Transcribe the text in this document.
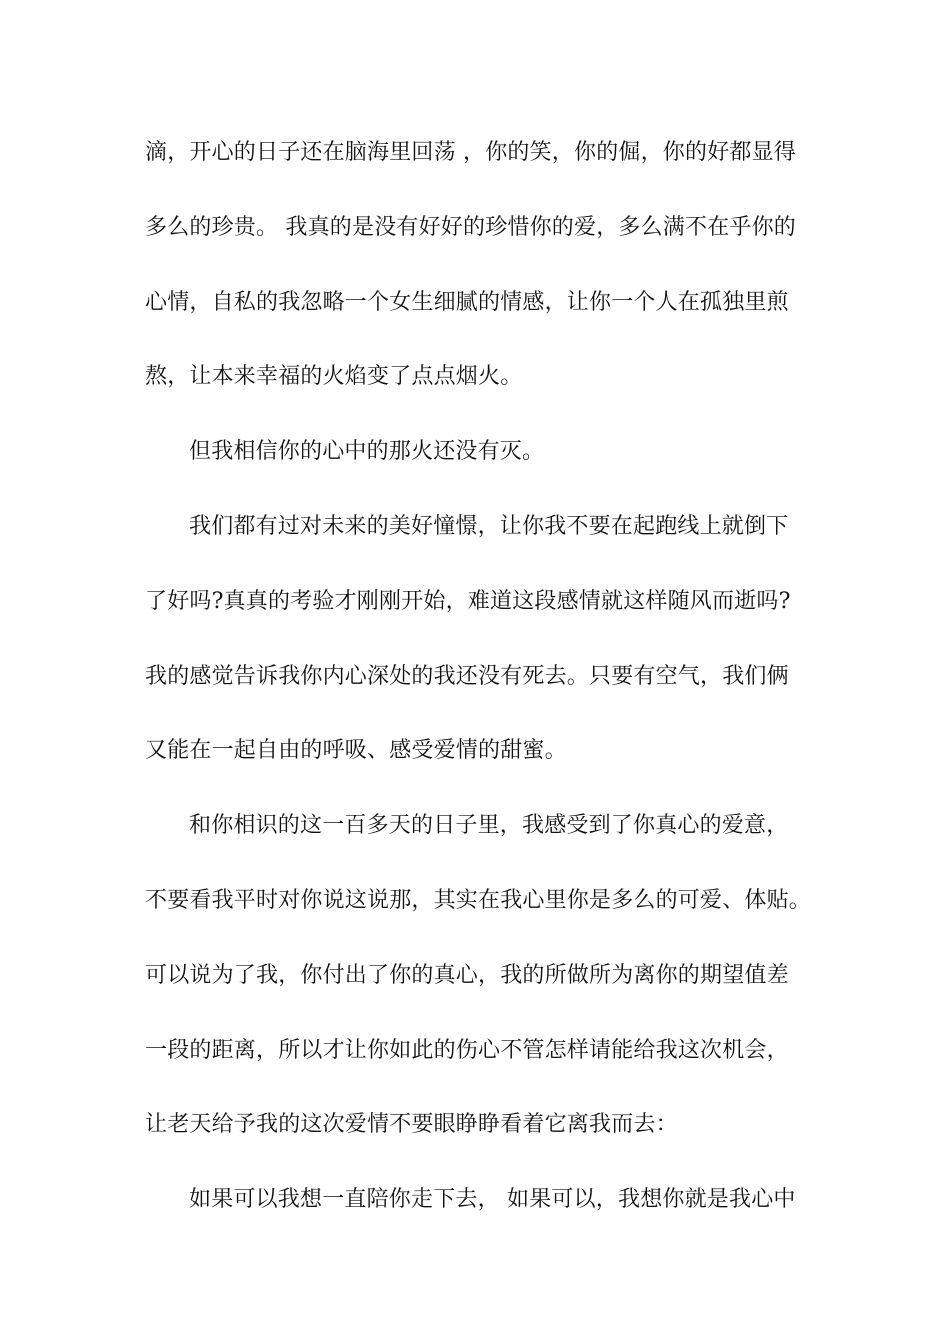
滴，开心的日子还在脑海里回荡 ，你的笑，你的倔，你的好都显得
多么的珍贵。 我真的是没有好好的珍惜你的爱，多么满不在乎你的
心情，自私的我忽略一个女生细腻的情感，让你一个人在孤独里煎
熬，让本来幸福的火焰变了点点烟火。
但我相信你的心中的那火还没有灭。
我们都有过对未来的美好憧憬，让你我不要在起跑线上就倒下
了好吗?真真的考验才刚刚开始，难道这段感情就这样随风而逝吗?
我的感觉告诉我你内心深处的我还没有死去。只要有空气，我们俩
又能在一起自由的呼吸、感受爱情的甜蜜。
和你相识的这一百多天的日子里，我感受到了你真心的爱意，
不要看我平时对你说这说那，其实在我心里你是多么的可爱、体贴。
可以说为了我，你付出了你的真心，我的所做所为离你的期望值差
一段的距离，所以才让你如此的伤心不管怎样请能给我这次机会，
让老天给予我的这次爱情不要眼睁睁看着它离我而去：
如果可以我想一直陪你走下去， 如果可以，我想你就是我心中
